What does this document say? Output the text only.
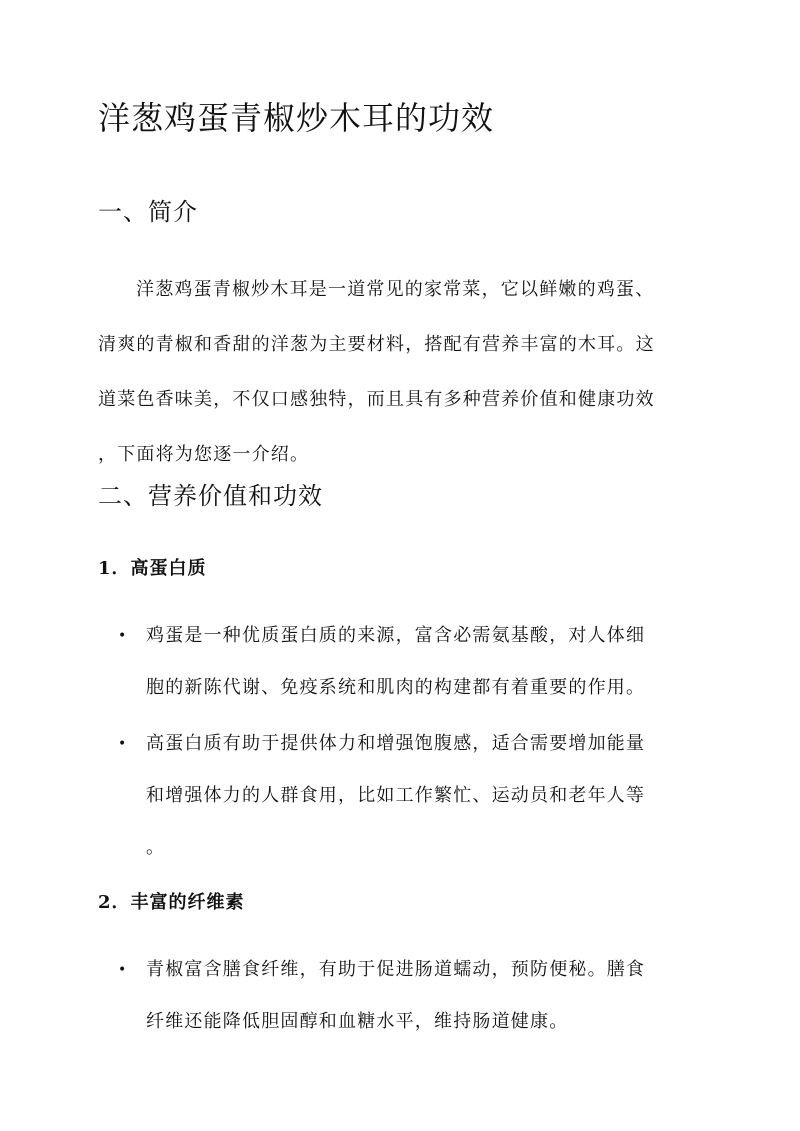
洋葱鸡蛋青椒炒木耳的功效
一、简介

洋葱鸡蛋青椒炒木耳是一道常见的家常菜，它以鲜嫩的鸡蛋、
清爽的青椒和香甜的洋葱为主要材料，搭配有营养丰富的木耳。这
道菜色香味美，不仅口感独特，而且具有多种营养价值和健康功效
，下面将为您逐一介绍。

二、营养价值和功效
1．高蛋白质
• 鸡蛋是一种优质蛋白质的来源，富含必需氨基酸，对人体细
胞的新陈代谢、免疫系统和肌肉的构建都有着重要的作用。
• 高蛋白质有助于提供体力和增强饱腹感，适合需要增加能量
和增强体力的人群食用，比如工作繁忙、运动员和老年人等
。
2．丰富的纤维素
• 青椒富含膳食纤维，有助于促进肠道蠕动，预防便秘。膳食
纤维还能降低胆固醇和血糖水平，维持肠道健康。
